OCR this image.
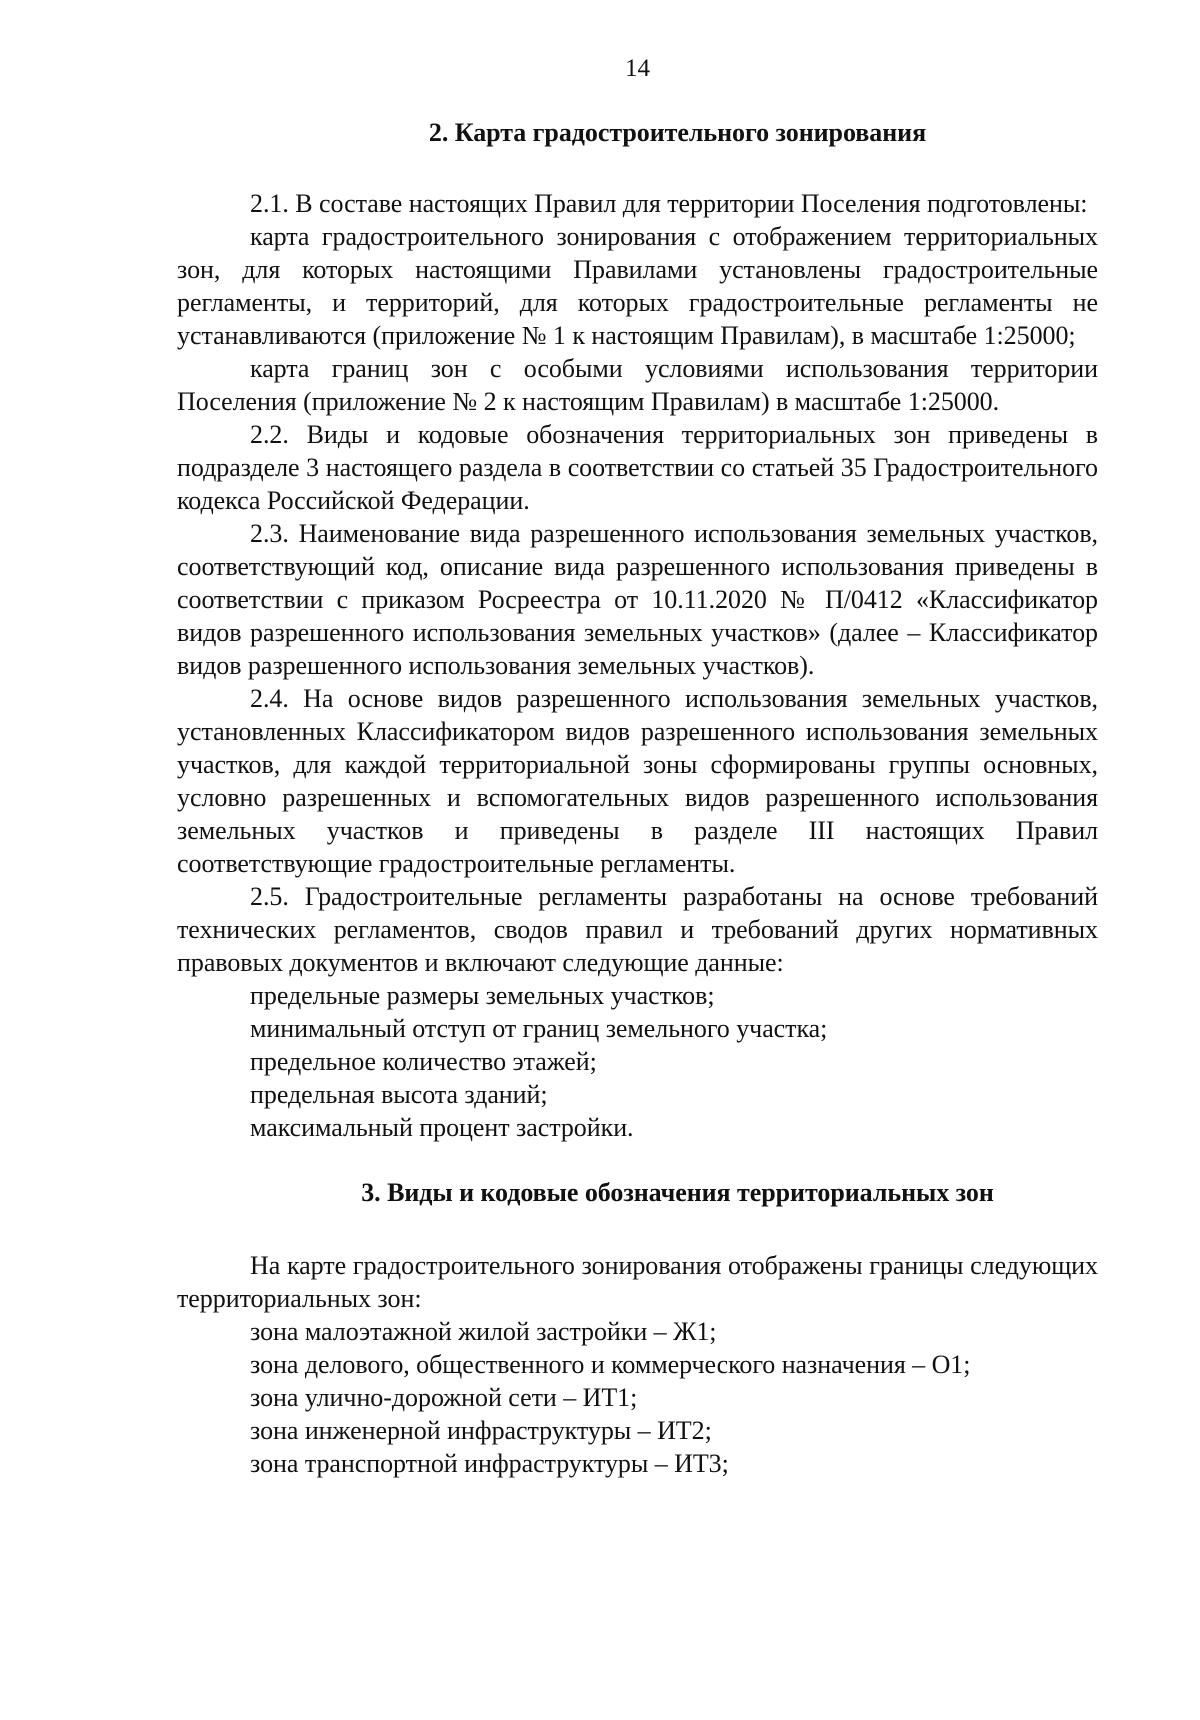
14
2. Карта градостроительного зонирования

2.1. В составе настоящих Правил для территории Поселения подготовлены:

карта градостроительного зонирования с отображением территориальных зон, для которых настоящими Правилами установлены градостроительные регламенты, и территорий, для которых градостроительные регламенты не устанавливаются (приложение № 1 к настоящим Правилам), в масштабе 1:25000;

карта границ зон с особыми условиями использования территории Поселения (приложение № 2 к настоящим Правилам) в масштабе 1:25000.

2.2. Виды и кодовые обозначения территориальных зон приведены в подразделе 3 настоящего раздела в соответствии со статьей 35 Градостроительного кодекса Российской Федерации.

2.3. Наименование вида разрешенного использования земельных участков, соответствующий код, описание вида разрешенного использования приведены в соответствии с приказом Росреестра от 10.11.2020 № П/0412 «Классификатор видов разрешенного использования земельных участков» (далее – Классификатор видов разрешенного использования земельных участков).

2.4. На основе видов разрешенного использования земельных участков, установленных Классификатором видов разрешенного использования земельных участков, для каждой территориальной зоны сформированы группы основных, условно разрешенных и вспомогательных видов разрешенного использования земельных участков и приведены в разделе III настоящих Правил соответствующие градостроительные регламенты.

2.5. Градостроительные регламенты разработаны на основе требований технических регламентов, сводов правил и требований других нормативных правовых документов и включают следующие данные:

предельные размеры земельных участков;

минимальный отступ от границ земельного участка;

предельное количество этажей;

предельная высота зданий;

максимальный процент застройки.

3. Виды и кодовые обозначения территориальных зон

На карте градостроительного зонирования отображены границы следующих территориальных зон:

зона малоэтажной жилой застройки – Ж1;

зона делового, общественного и коммерческого назначения – О1;

зона улично-дорожной сети – ИТ1;

зона инженерной инфраструктуры – ИТ2;

зона транспортной инфраструктуры – ИТ3;
